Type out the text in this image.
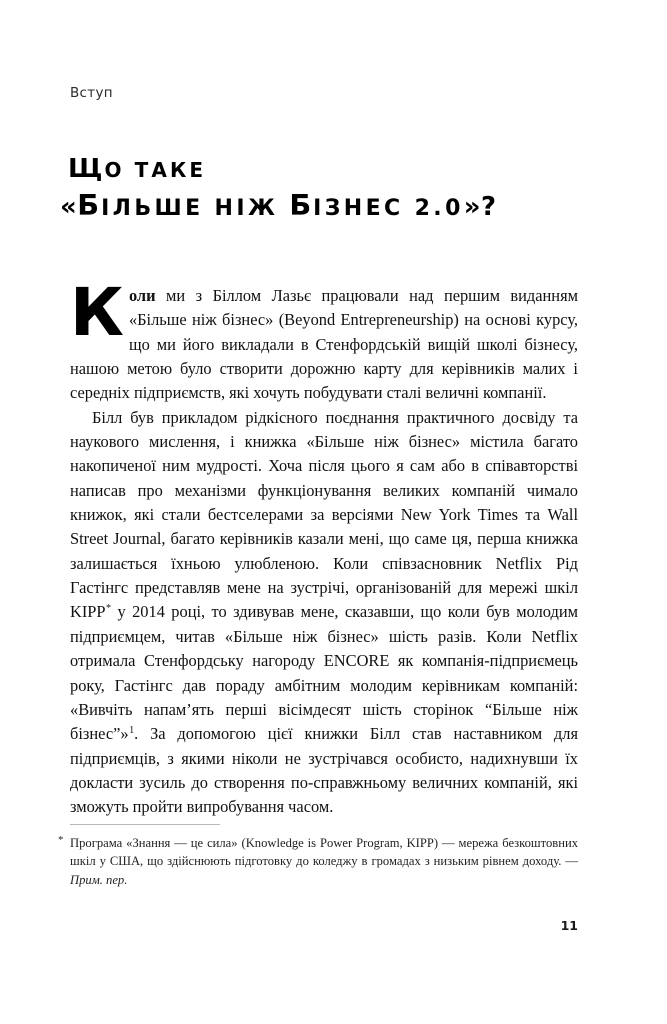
Вступ
ЩО ТАКЕ
«БІЛЬШЕ НІЖ БІЗНЕС 2.0»?

Коли ми з Біллом Лазьє працювали над першим виданням «Більше ніж бізнес» (Beyond Entrepreneurship) на основі курсу, що ми його викладали в Стенфордській вищій школі бізнесу, нашою метою було створити дорожню карту для керівників малих і середніх підприємств, які хочуть побудувати сталі величні компанії.

Білл був прикладом рідкісного поєднання практичного досвіду та наукового мислення, і книжка «Більше ніж бізнес» містила багато накопиченої ним мудрості. Хоча після цього я сам або в співавторстві написав про механізми функціонування великих компаній чимало книжок, які стали бестселерами за версіями New York Times та Wall Street Journal, багато керівників казали мені, що саме ця, перша книжка залишається їхньою улюбленою. Коли співзасновник Netflix Рід Гастінгс представляв мене на зустрічі, організованій для мережі шкіл KIPP* у 2014 році, то здивував мене, сказавши, що коли був молодим підприємцем, читав «Більше ніж бізнес» шість разів. Коли Netflix отримала Стенфордську нагороду ENCORE як компанія-підприємець року, Гастінгс дав пораду амбітним молодим керівникам компаній: «Вивчіть напам’ять перші вісімдесят шість сторінок “Більше ніж бізнес”»$^1$. За допомогою цієї книжки Білл став наставником для підприємців, з якими ніколи не зустрічався особисто, надихнувши їх докласти зусиль до створення по-справжньому величних компаній, які зможуть пройти випробування часом.

* Програма «Знання — це сила» (Knowledge is Power Program, KIPP) — мережа безкоштовних шкіл у США, що здійснюють підготовку до коледжу в громадах з низьким рівнем доходу. — Прим. пер.
11
